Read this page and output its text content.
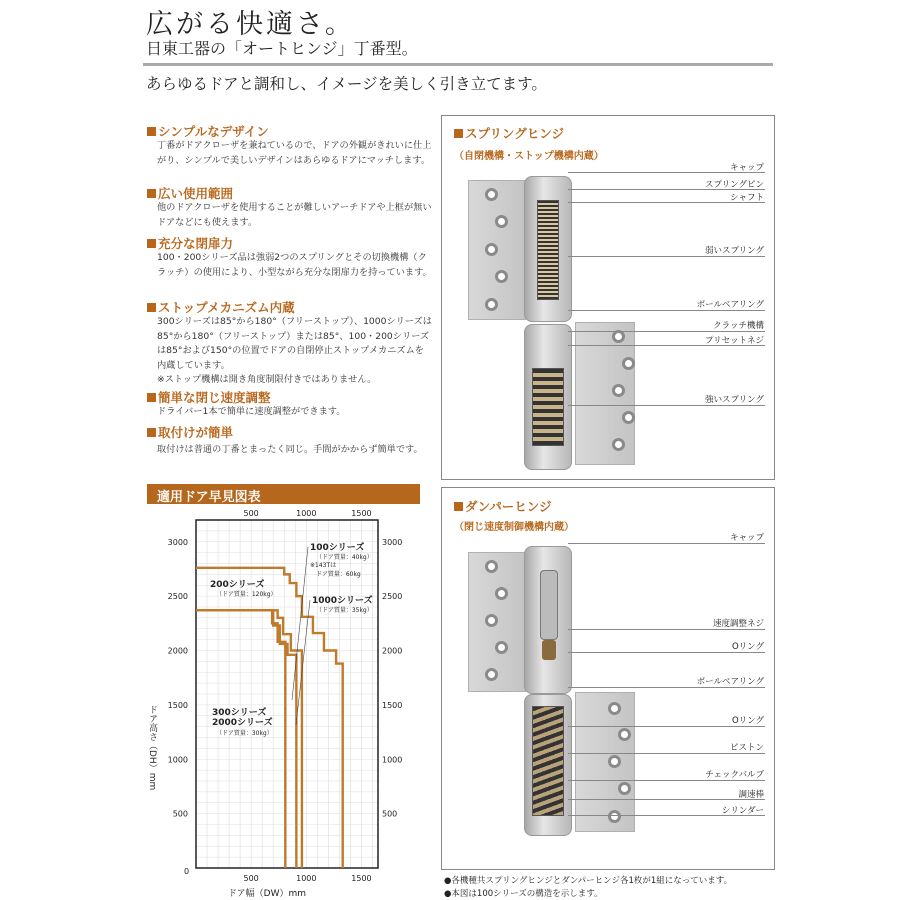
広がる快適さ。
日東工器の「オートヒンジ」丁番型。
あらゆるドアと調和し、イメージを美しく引き立てます。
シンプルなデザイン

丁番がドアクローザを兼ねているので、ドアの外観がきれいに仕上がり、シンプルで美しいデザインはあらゆるドアにマッチします。

広い使用範囲

他のドアクローザを使用することが難しいアーチドアや上框が無いドアなどにも使えます。

充分な閉扉力

100・200シリーズ品は強弱2つのスプリングとその切換機構（クラッチ）の使用により、小型ながら充分な閉扉力を持っています。

ストップメカニズム内蔵

300シリーズは85°から180°（フリーストップ）、1000シリーズは85°から180°（フリーストップ）または85°、100・200シリーズは85°および150°の位置でドアの自閉停止ストップメカニズムを内蔵しています。

※ストップ機構は開き角度制限付きではありません。

簡単な閉じ速度調整

ドライバー1本で簡単に速度調整ができます。

取付けが簡単

取付けは普通の丁番とまったく同じ。手間がかからず簡単です。

適用ドア早見図表
500
500
1000
1000
1500
1500
500	500
1000	1000
1500	1500
2000	2000
2500	2500
3000	3000
0
ドア幅（DW）mm
ドア高さ（DH）mm
200シリーズ
（ドア質量：120kg）
100シリーズ
（ドア質量：40kg）
※143Tは
ドア質量：60kg
1000シリーズ
（ドア質量：35kg）
300シリーズ
2000シリーズ
（ドア質量：30kg）
スプリングヒンジ
（自閉機構・ストップ機構内蔵）
キャップ
スプリングピン
シャフト
弱いスプリング
ボールベアリング
クラッチ機構
プリセットネジ
強いスプリング
ダンパーヒンジ
（閉じ速度制御機構内蔵）
キャップ
速度調整ネジ
Oリング
ボールベアリング
Oリング
ピストン
チェックバルブ
調速棒
シリンダー
●各機種共スプリングヒンジとダンパーヒンジ各1枚が1組になっています。
●本図は100シリーズの構造を示します。
